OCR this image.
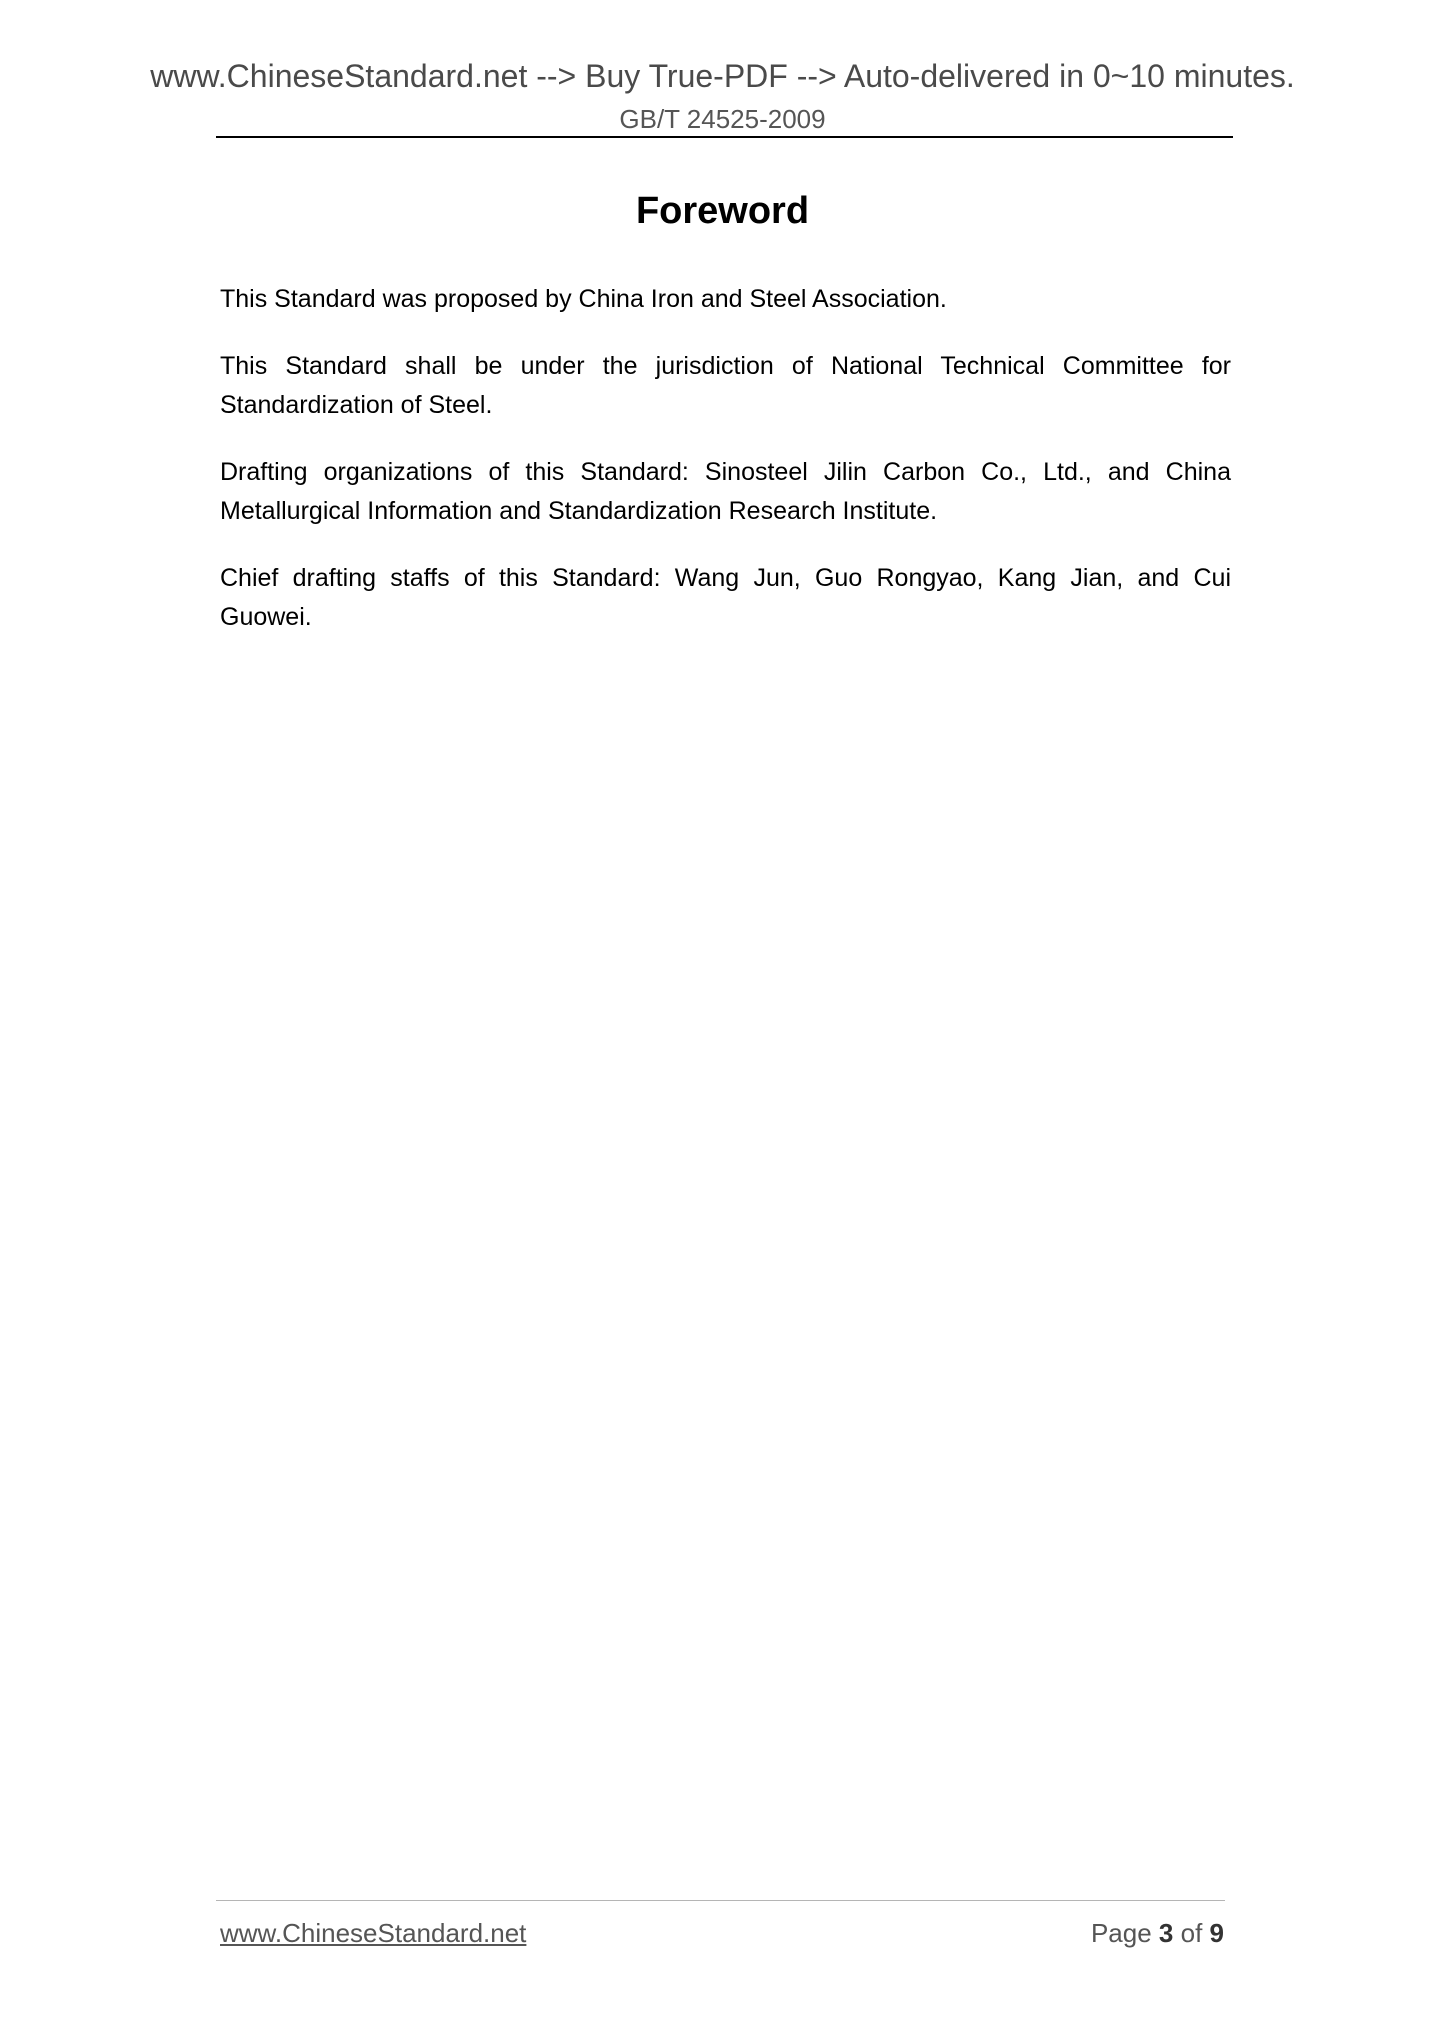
www.ChineseStandard.net --> Buy True-PDF --> Auto-delivered in 0~10 minutes.
GB/T 24525-2009
Foreword

This Standard was proposed by China Iron and Steel Association.

This Standard shall be under the jurisdiction of National Technical Committee for Standardization of Steel.

Drafting organizations of this Standard: Sinosteel Jilin Carbon Co., Ltd., and China Metallurgical Information and Standardization Research Institute.

Chief drafting staffs of this Standard: Wang Jun, Guo Rongyao, Kang Jian, and Cui Guowei.

www.ChineseStandard.net	Page 3 of 9
